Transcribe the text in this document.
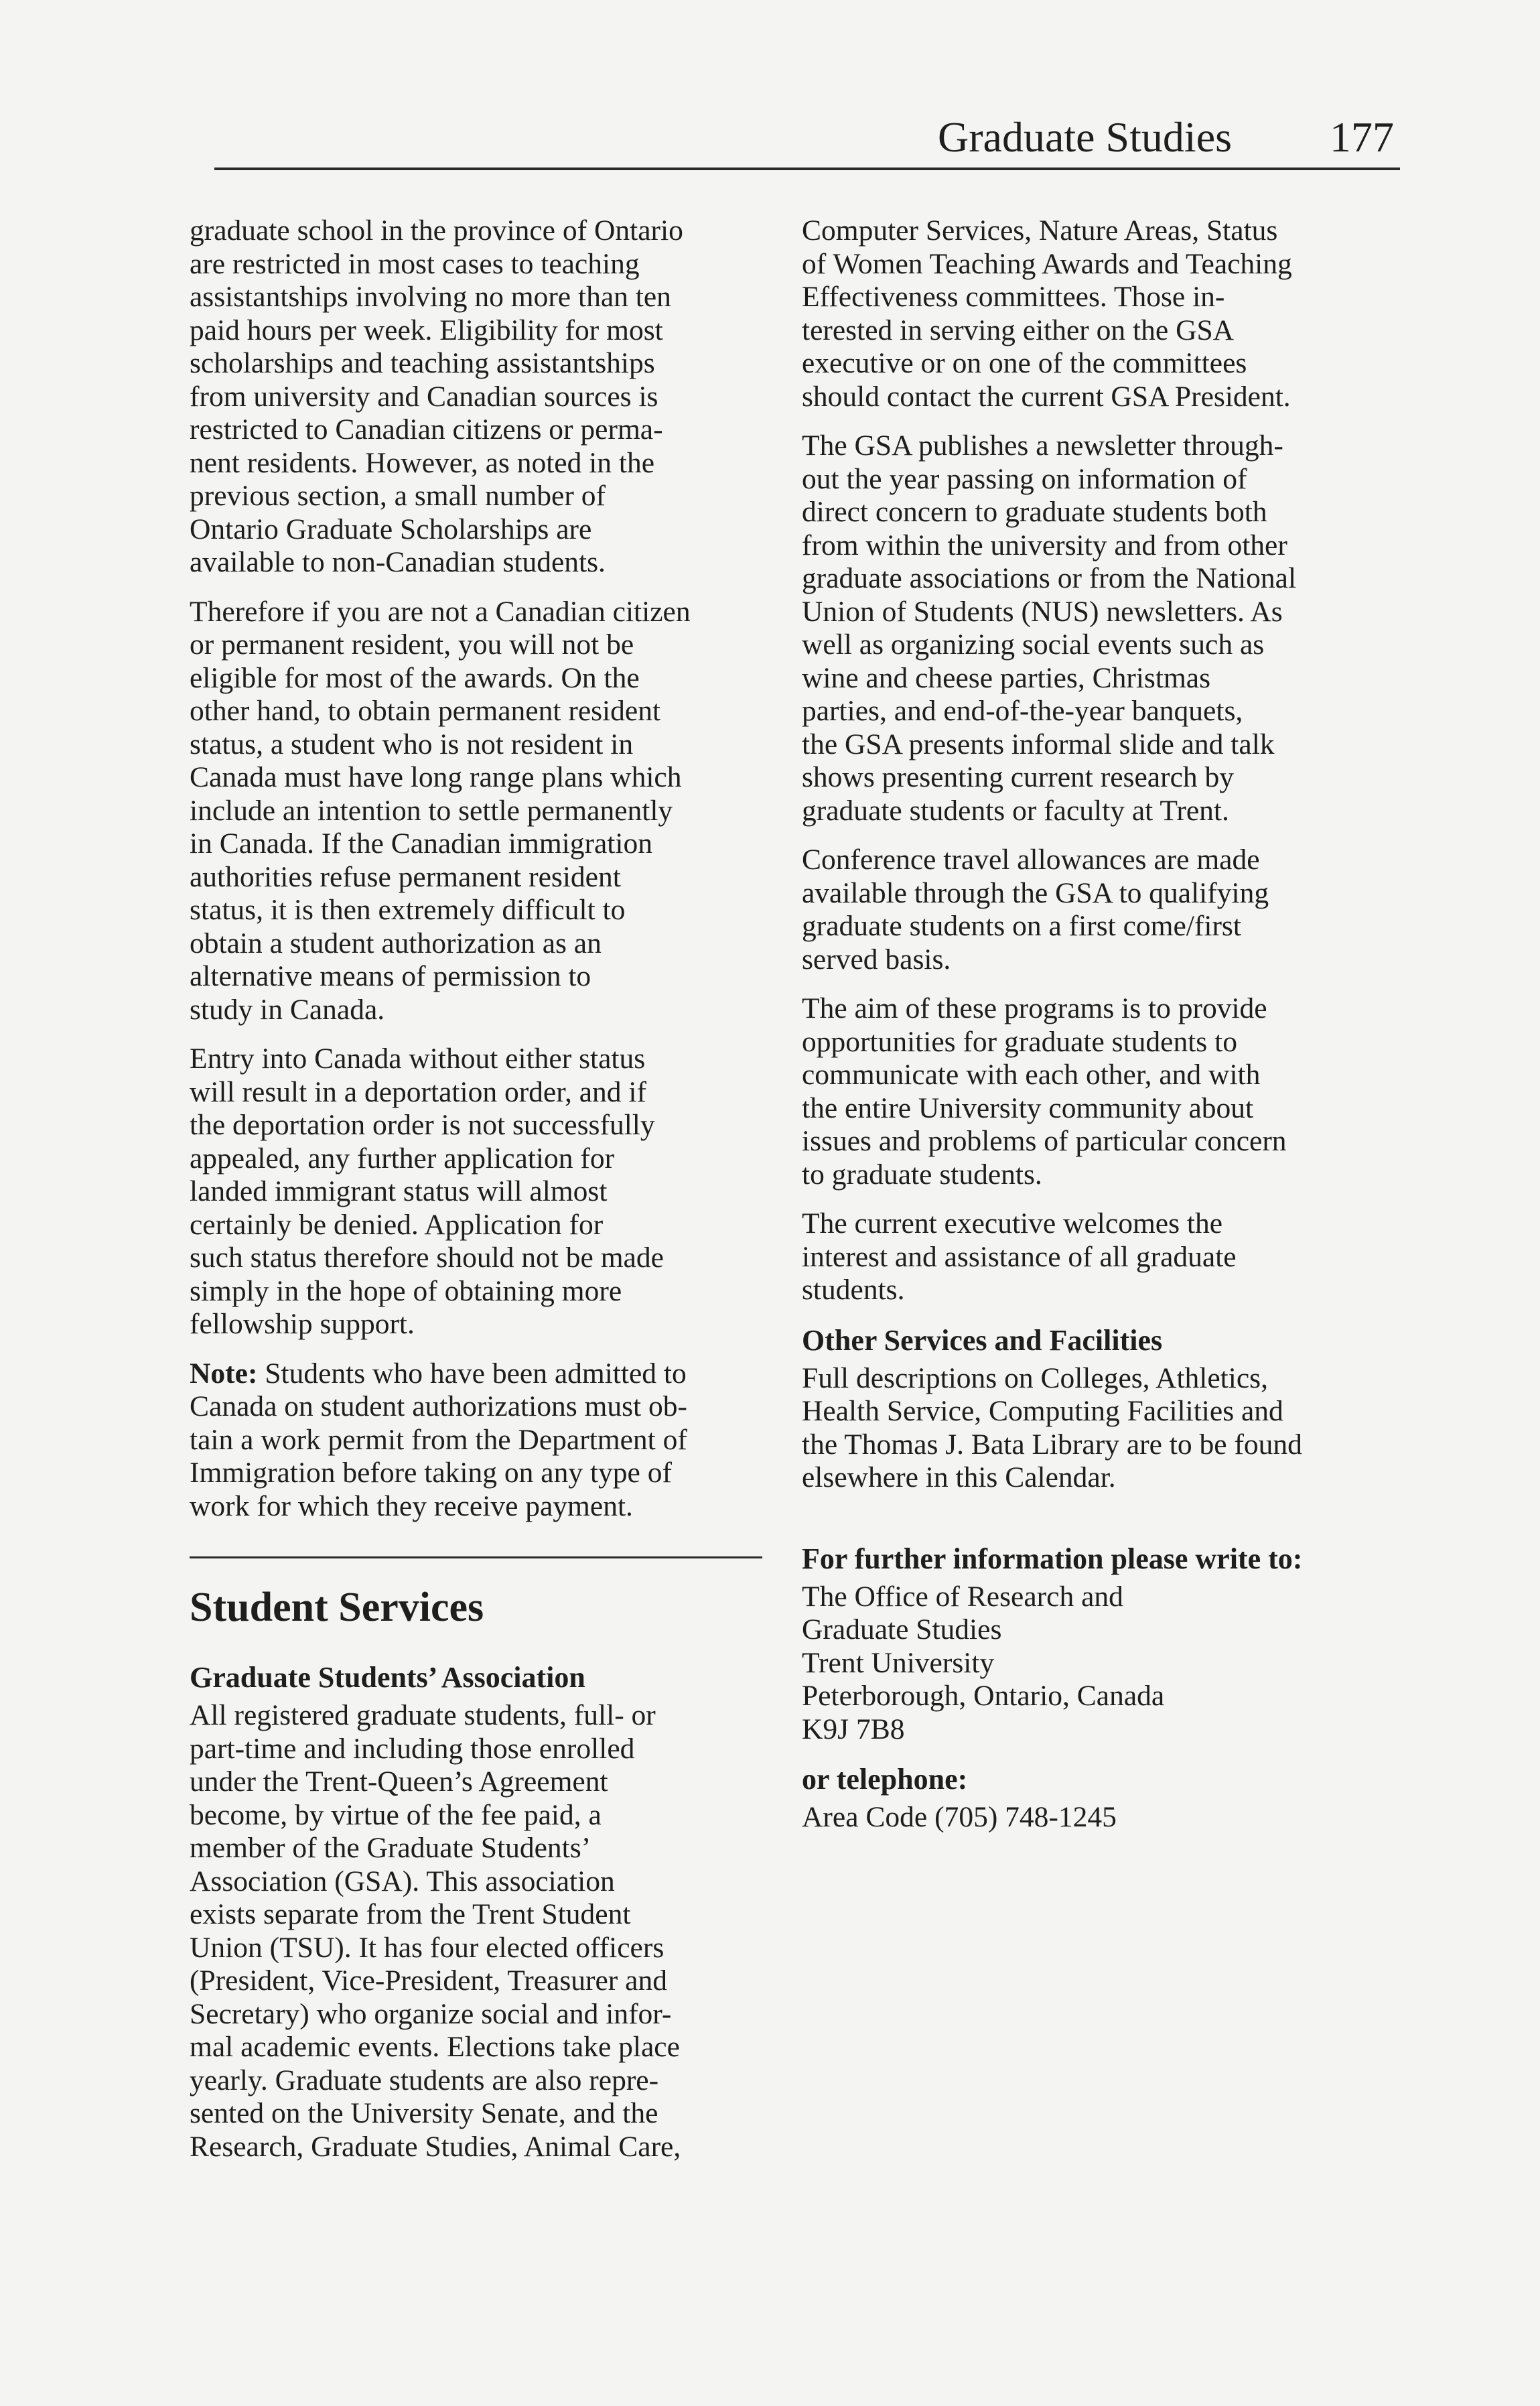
Graduate Studies 177

graduate school in the province of Ontario
are restricted in most cases to teaching
assistantships involving no more than ten
paid hours per week. Eligibility for most
scholarships and teaching assistantships
from university and Canadian sources is
restricted to Canadian citizens or perma-
nent residents. However, as noted in the
previous section, a small number of
Ontario Graduate Scholarships are
available to non-Canadian students.

Therefore if you are not a Canadian citizen
or permanent resident, you will not be
eligible for most of the awards. On the
other hand, to obtain permanent resident
status, a student who is not resident in
Canada must have long range plans which
include an intention to settle permanently
in Canada. If the Canadian immigration
authorities refuse permanent resident
status, it is then extremely difficult to
obtain a student authorization as an
alternative means of permission to
study in Canada.

Entry into Canada without either status
will result in a deportation order, and if
the deportation order is not successfully
appealed, any further application for
landed immigrant status will almost
certainly be denied. Application for
such status therefore should not be made
simply in the hope of obtaining more
fellowship support.

Note: Students who have been admitted to
Canada on student authorizations must ob-
tain a work permit from the Department of
Immigration before taking on any type of
work for which they receive payment.

Student Services
Graduate Students’ Association

All registered graduate students, full- or
part-time and including those enrolled
under the Trent-Queen’s Agreement
become, by virtue of the fee paid, a
member of the Graduate Students’
Association (GSA). This association
exists separate from the Trent Student
Union (TSU). It has four elected officers
(President, Vice-President, Treasurer and
Secretary) who organize social and infor-
mal academic events. Elections take place
yearly. Graduate students are also repre-
sented on the University Senate, and the
Research, Graduate Studies, Animal Care,

Computer Services, Nature Areas, Status
of Women Teaching Awards and Teaching
Effectiveness committees. Those in-
terested in serving either on the GSA
executive or on one of the committees
should contact the current GSA President.

The GSA publishes a newsletter through-
out the year passing on information of
direct concern to graduate students both
from within the university and from other
graduate associations or from the National
Union of Students (NUS) newsletters. As
well as organizing social events such as
wine and cheese parties, Christmas
parties, and end-of-the-year banquets,
the GSA presents informal slide and talk
shows presenting current research by
graduate students or faculty at Trent.

Conference travel allowances are made
available through the GSA to qualifying
graduate students on a first come/first
served basis.

The aim of these programs is to provide
opportunities for graduate students to
communicate with each other, and with
the entire University community about
issues and problems of particular concern
to graduate students.

The current executive welcomes the
interest and assistance of all graduate
students.

Other Services and Facilities

Full descriptions on Colleges, Athletics,
Health Service, Computing Facilities and
the Thomas J. Bata Library are to be found
elsewhere in this Calendar.

For further information please write to:

The Office of Research and
Graduate Studies
Trent University
Peterborough, Ontario, Canada
K9J 7B8

or telephone:

Area Code (705) 748-1245
